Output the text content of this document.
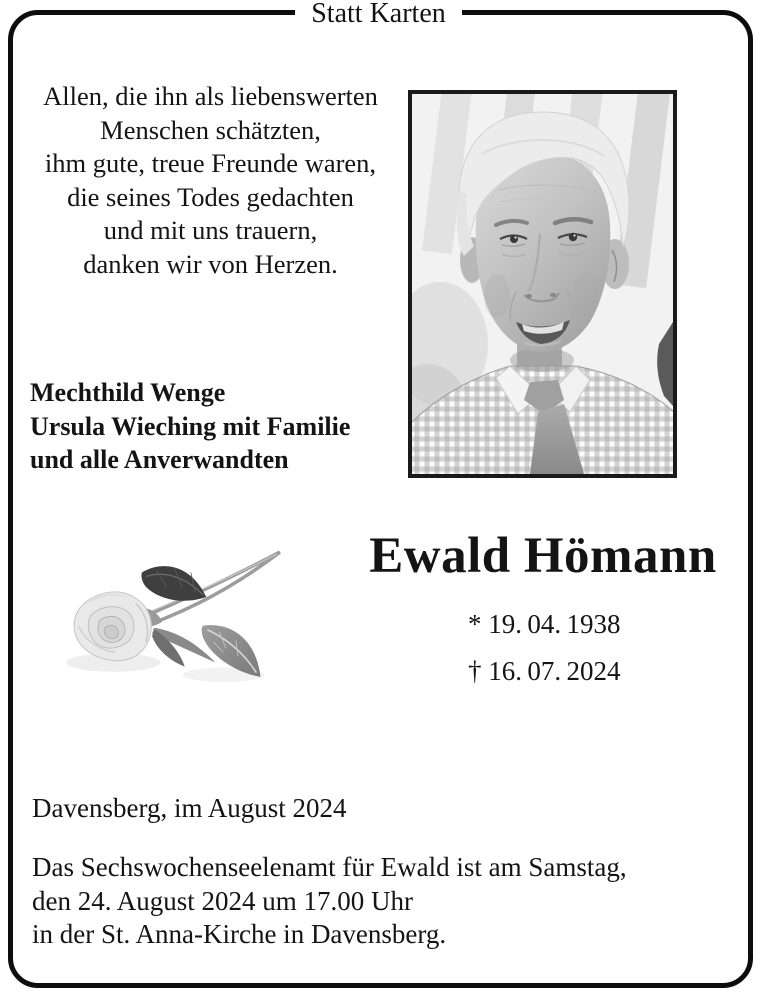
Statt Karten
Allen, die ihn als liebenswerten
Menschen schätzten,
ihm gute, treue Freunde waren,
die seines Todes gedachten
und mit uns trauern,
danken wir von Herzen.
Mechthild Wenge
Ursula Wieching mit Familie
und alle Anverwandten
Ewald Hömann
* 19. 04. 1938
† 16. 07. 2024
Davensberg, im August 2024
Das Sechswochenseelenamt für Ewald ist am Samstag,
den 24. August 2024 um 17.00 Uhr
in der St. Anna-Kirche in Davensberg.
